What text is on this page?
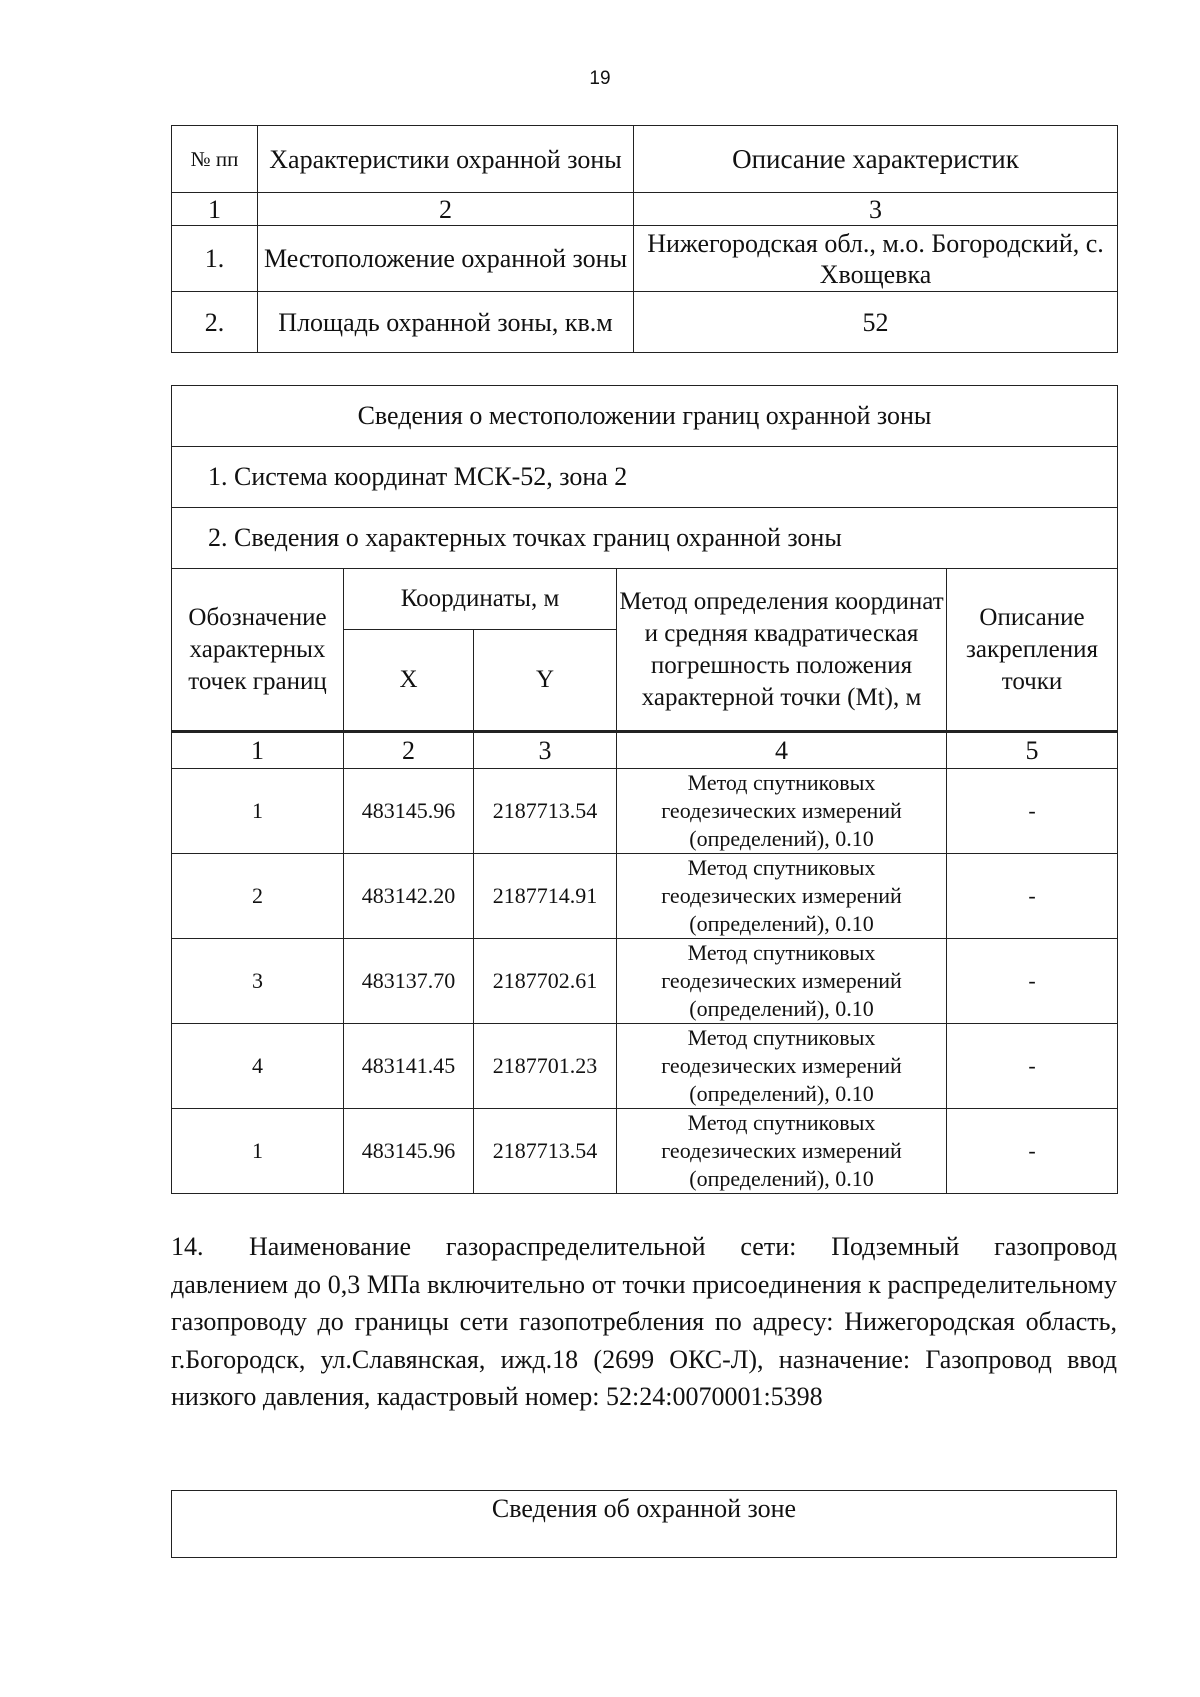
19
№ пп	Характеристики охранной зоны	Описание характеристик
1	2	3
1.	Местоположение охранной зоны	Нижегородская обл., м.о. Богородский, с. Хвощевка
2.	Площадь охранной зоны, кв.м	52
Сведения о местоположении границ охранной зоны				
1. Система координат МСК-52, зона 2				
2. Сведения о характерных точках границ охранной зоны				
Обозначение характерных точек границ	Координаты, м		Метод определения координат и средняя квадратическая погрешность положения характерной точки (Mt), м	Описание закрепления точки
	X	Y		
1	2	3	4	5
1	483145.96	2187713.54	Метод спутниковых геодезических измерений (определений), 0.10	-
2	483142.20	2187714.91	Метод спутниковых геодезических измерений (определений), 0.10	-
3	483137.70	2187702.61	Метод спутниковых геодезических измерений (определений), 0.10	-
4	483141.45	2187701.23	Метод спутниковых геодезических измерений (определений), 0.10	-
1	483145.96	2187713.54	Метод спутниковых геодезических измерений (определений), 0.10	-

14. Наименование газораспределительной сети: Подземный газопровод давлением до 0,3 МПа включительно от точки присоединения к распределительному газопроводу до границы сети газопотребления по адресу: Нижегородская область, г.Богородск, ул.Славянская, ижд.18 (2699 ОКС-Л), назначение: Газопровод ввод низкого давления, кадастровый номер: 52:24:0070001:5398

Сведения об охранной зоне
